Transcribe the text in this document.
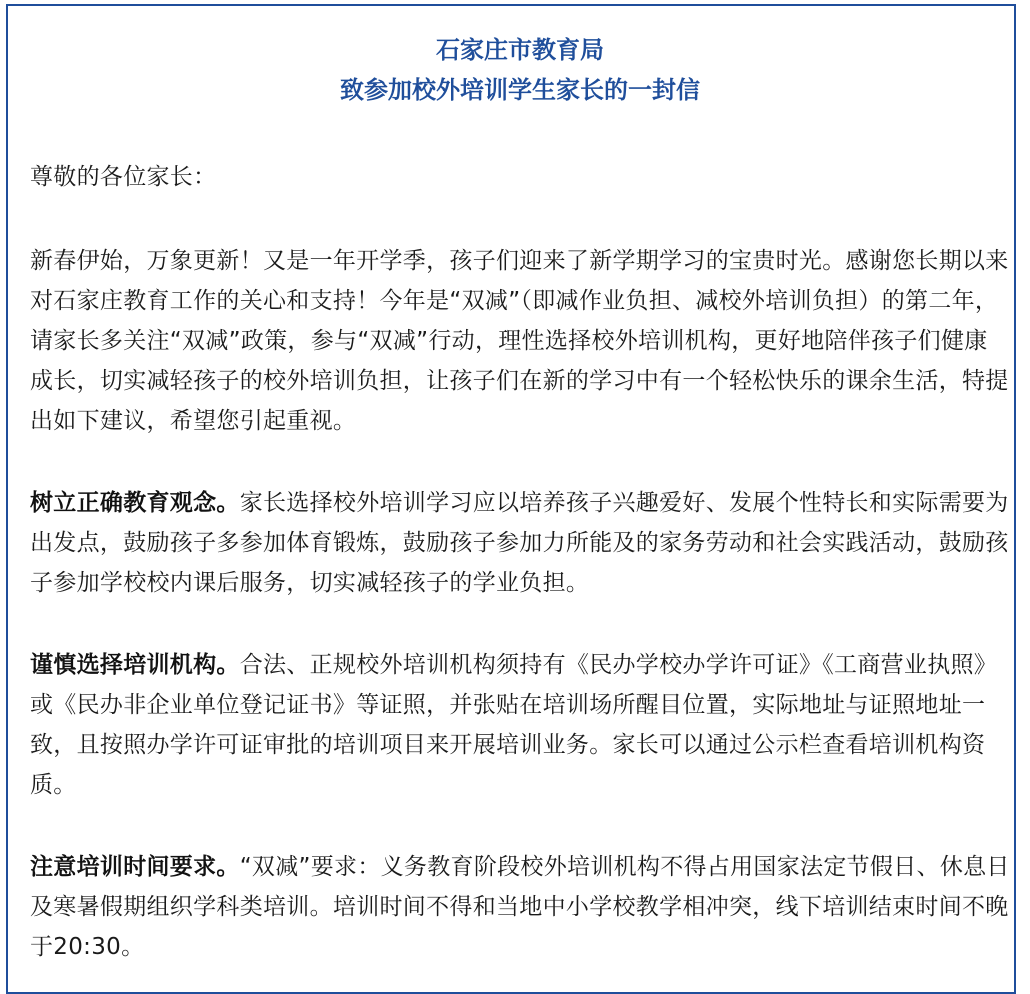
石家庄市教育局
致参加校外培训学生家长的一封信

尊敬的各位家长：

新春伊始，万象更新！又是一年开学季，孩子们迎来了新学期学习的宝贵时光。感谢您长期以来对石家庄教育工作的关心和支持！今年是“双减”（即减作业负担、减校外培训负担）的第二年，请家长多关注“双减”政策，参与“双减”行动，理性选择校外培训机构，更好地陪伴孩子们健康成长，切实减轻孩子的校外培训负担，让孩子们在新的学习中有一个轻松快乐的课余生活，特提出如下建议，希望您引起重视。

树立正确教育观念。家长选择校外培训学习应以培养孩子兴趣爱好、发展个性特长和实际需要为出发点，鼓励孩子多参加体育锻炼，鼓励孩子参加力所能及的家务劳动和社会实践活动，鼓励孩子参加学校校内课后服务，切实减轻孩子的学业负担。

谨慎选择培训机构。合法、正规校外培训机构须持有《民办学校办学许可证》《工商营业执照》或《民办非企业单位登记证书》等证照，并张贴在培训场所醒目位置，实际地址与证照地址一致，且按照办学许可证审批的培训项目来开展培训业务。家长可以通过公示栏查看培训机构资质。

注意培训时间要求。“双减”要求：义务教育阶段校外培训机构不得占用国家法定节假日、休息日及寒暑假期组织学科类培训。培训时间不得和当地中小学校教学相冲突，线下培训结束时间不晚于20:30。
